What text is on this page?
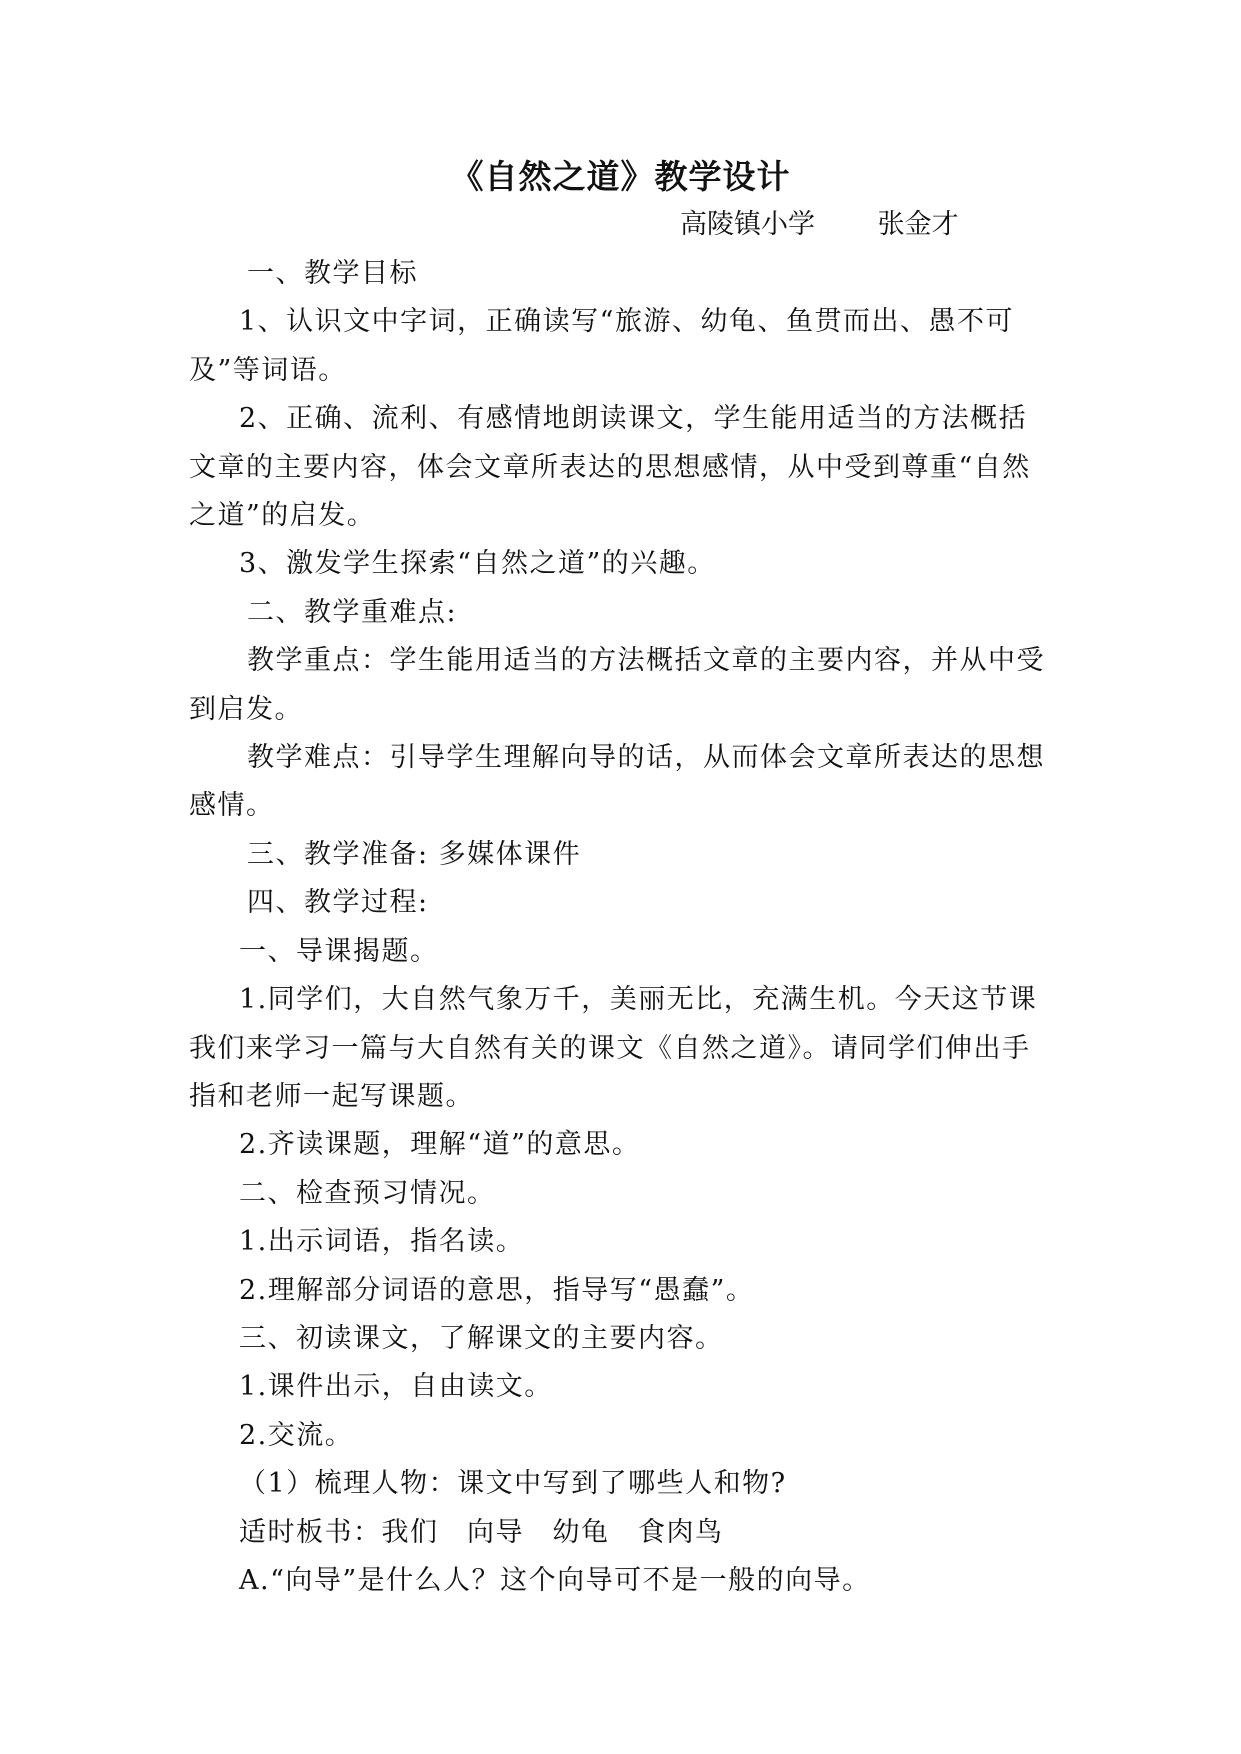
《自然之道》教学设计
高陵镇小学　　 张金才

一、教学目标

1、认识文中字词，正确读写“旅游、幼龟、鱼贯而出、愚不可及”等词语。

2、正确、流利、有感情地朗读课文，学生能用适当的方法概括文章的主要内容，体会文章所表达的思想感情，从中受到尊重“自然之道”的启发。

3、激发学生探索“自然之道”的兴趣。

二、教学重难点:

教学重点：学生能用适当的方法概括文章的主要内容，并从中受到启发。

教学难点：引导学生理解向导的话，从而体会文章所表达的思想感情。

三、教学准备: 多媒体课件

四、教学过程:

一、导课揭题。

1.同学们，大自然气象万千，美丽无比，充满生机。今天这节课我们来学习一篇与大自然有关的课文《自然之道》。请同学们伸出手指和老师一起写课题。

2.齐读课题，理解“道”的意思。

二、检查预习情况。

1.出示词语，指名读。

2.理解部分词语的意思，指导写“愚蠢”。

三、初读课文，了解课文的主要内容。

1.课件出示，自由读文。

2.交流。

（1）梳理人物：课文中写到了哪些人和物?

适时板书：我们　向导　幼龟　食肉鸟

A.“向导”是什么人？这个向导可不是一般的向导。
